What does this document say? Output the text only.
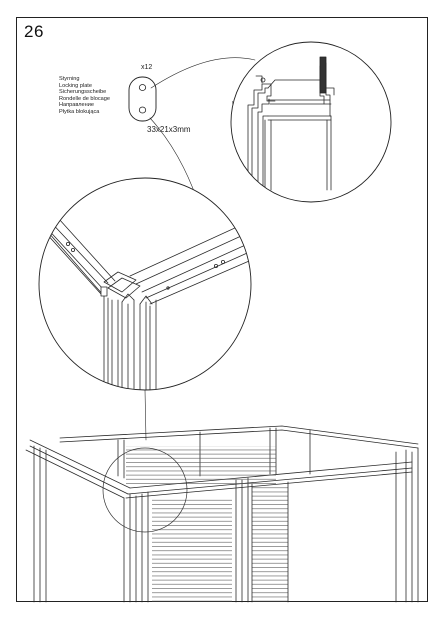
26
Styrning
Locking plate
Sicherungsscheibe
Rondelle de blocage
Направление
Płytka blokująca
x12
33x21x3mm
